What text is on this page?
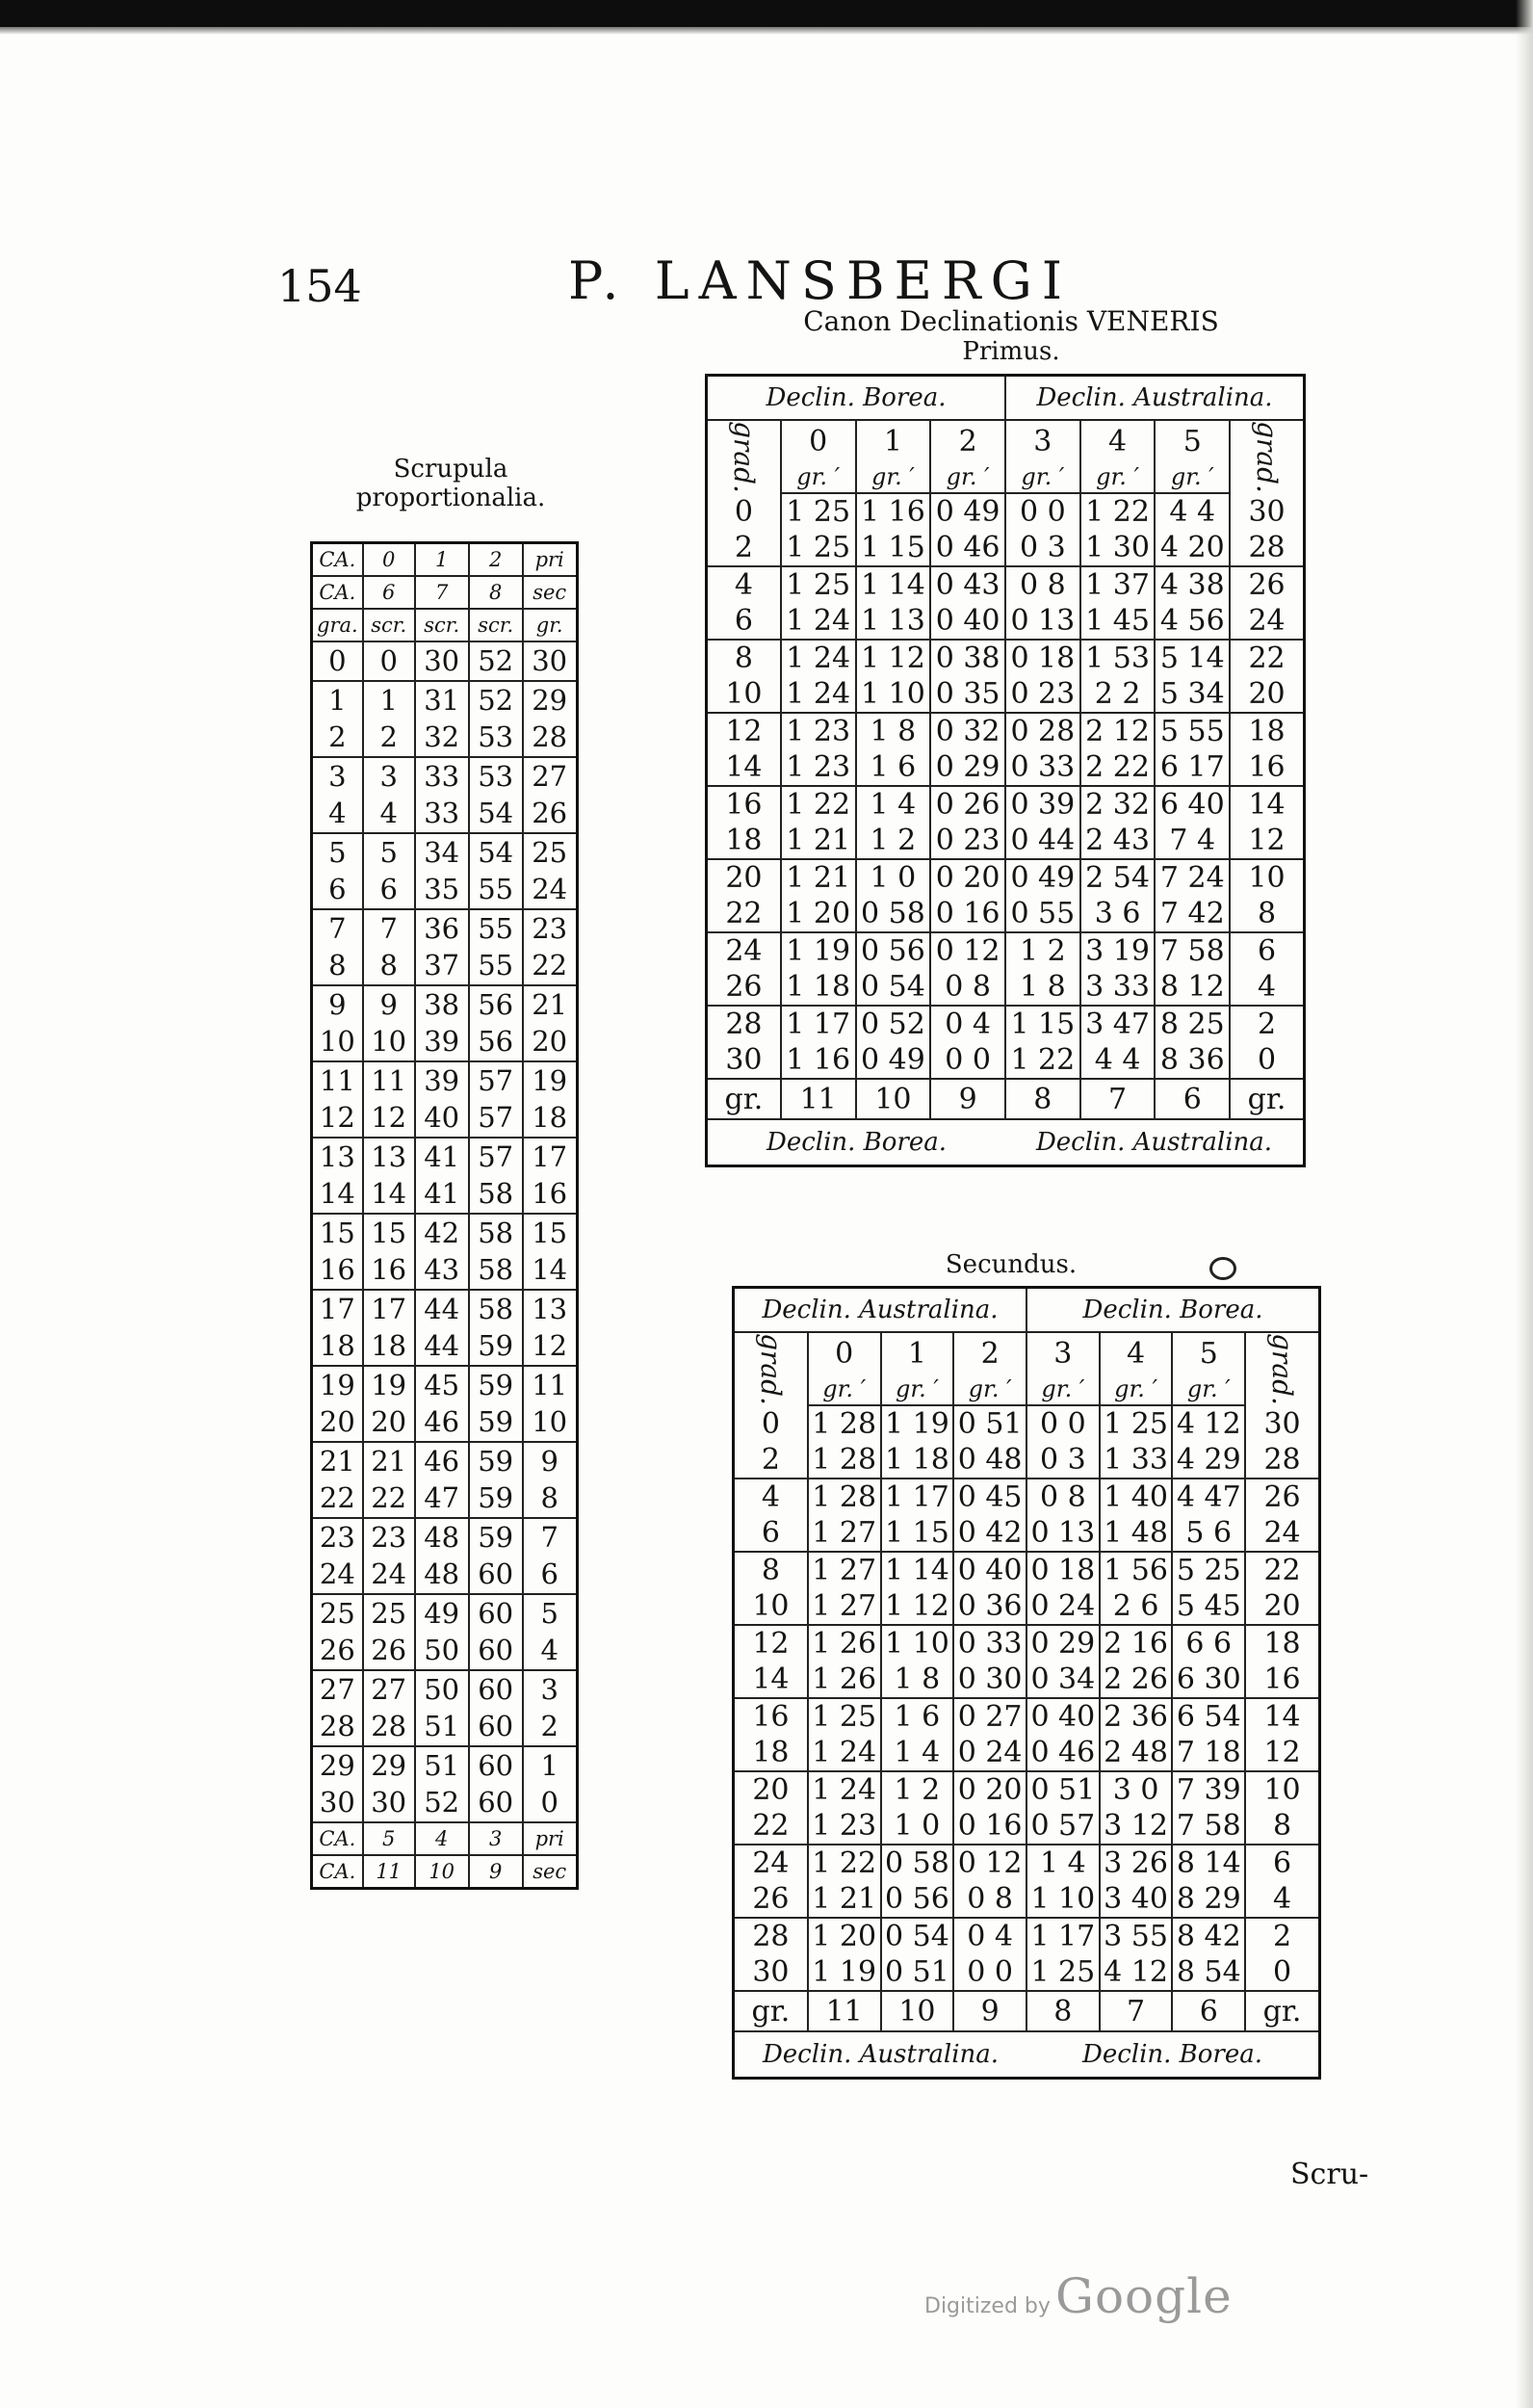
154	P. LANSBERGI
Canon Declinationis VENERIS
Primus.
Secundus.
Scrupula proportionalia.
CA.	0	1	2	pri
CA.	6	7	8	sec
gra.	scr.	scr.	scr.	gr.
0	0	30	52	30
1	1	31	52	29
2	2	32	53	28
3	3	33	53	27
4	4	33	54	26
5	5	34	54	25
6	6	35	55	24
7	7	36	55	23
8	8	37	55	22
9	9	38	56	21
10	10	39	56	20
11	11	39	57	19
12	12	40	57	18
13	13	41	57	17
14	14	41	58	16
15	15	42	58	15
16	16	43	58	14
17	17	44	58	13
18	18	44	59	12
19	19	45	59	11
20	20	46	59	10
21	21	46	59	9
22	22	47	59	8
23	23	48	59	7
24	24	48	60	6
25	25	49	60	5
26	26	50	60	4
27	27	50	60	3
28	28	51	60	2
29	29	51	60	1
30	30	52	60	0
CA.	5	4	3	pri
CA.	11	10	9	sec
Declin. Borea.				Declin. Australina.			
grad.	0	1	2	3	4	5	grad.
	gr. ′	gr. ′	gr. ′	gr. ′	gr. ′	gr. ′	
0	1 25	1 16	0 49	0 0	1 22	4 4	30
2	1 25	1 15	0 46	0 3	1 30	4 20	28
4	1 25	1 14	0 43	0 8	1 37	4 38	26
6	1 24	1 13	0 40	0 13	1 45	4 56	24
8	1 24	1 12	0 38	0 18	1 53	5 14	22
10	1 24	1 10	0 35	0 23	2 2	5 34	20
12	1 23	1 8	0 32	0 28	2 12	5 55	18
14	1 23	1 6	0 29	0 33	2 22	6 17	16
16	1 22	1 4	0 26	0 39	2 32	6 40	14
18	1 21	1 2	0 23	0 44	2 43	7 4	12
20	1 21	1 0	0 20	0 49	2 54	7 24	10
22	1 20	0 58	0 16	0 55	3 6	7 42	8
24	1 19	0 56	0 12	1 2	3 19	7 58	6
26	1 18	0 54	0 8	1 8	3 33	8 12	4
28	1 17	0 52	0 4	1 15	3 47	8 25	2
30	1 16	0 49	0 0	1 22	4 4	8 36	0
gr.	11	10	9	8	7	6	gr.
Declin. Borea.				Declin. Australina.			
Declin. Australina.				Declin. Borea.			
grad.	0	1	2	3	4	5	grad.
	gr. ′	gr. ′	gr. ′	gr. ′	gr. ′	gr. ′	
0	1 28	1 19	0 51	0 0	1 25	4 12	30
2	1 28	1 18	0 48	0 3	1 33	4 29	28
4	1 28	1 17	0 45	0 8	1 40	4 47	26
6	1 27	1 15	0 42	0 13	1 48	5 6	24
8	1 27	1 14	0 40	0 18	1 56	5 25	22
10	1 27	1 12	0 36	0 24	2 6	5 45	20
12	1 26	1 10	0 33	0 29	2 16	6 6	18
14	1 26	1 8	0 30	0 34	2 26	6 30	16
16	1 25	1 6	0 27	0 40	2 36	6 54	14
18	1 24	1 4	0 24	0 46	2 48	7 18	12
20	1 24	1 2	0 20	0 51	3 0	7 39	10
22	1 23	1 0	0 16	0 57	3 12	7 58	8
24	1 22	0 58	0 12	1 4	3 26	8 14	6
26	1 21	0 56	0 8	1 10	3 40	8 29	4
28	1 20	0 54	0 4	1 17	3 55	8 42	2
30	1 19	0 51	0 0	1 25	4 12	8 54	0
gr.	11	10	9	8	7	6	gr.
Declin. Australina.				Declin. Borea.			
Scru-
Digitized by Google
